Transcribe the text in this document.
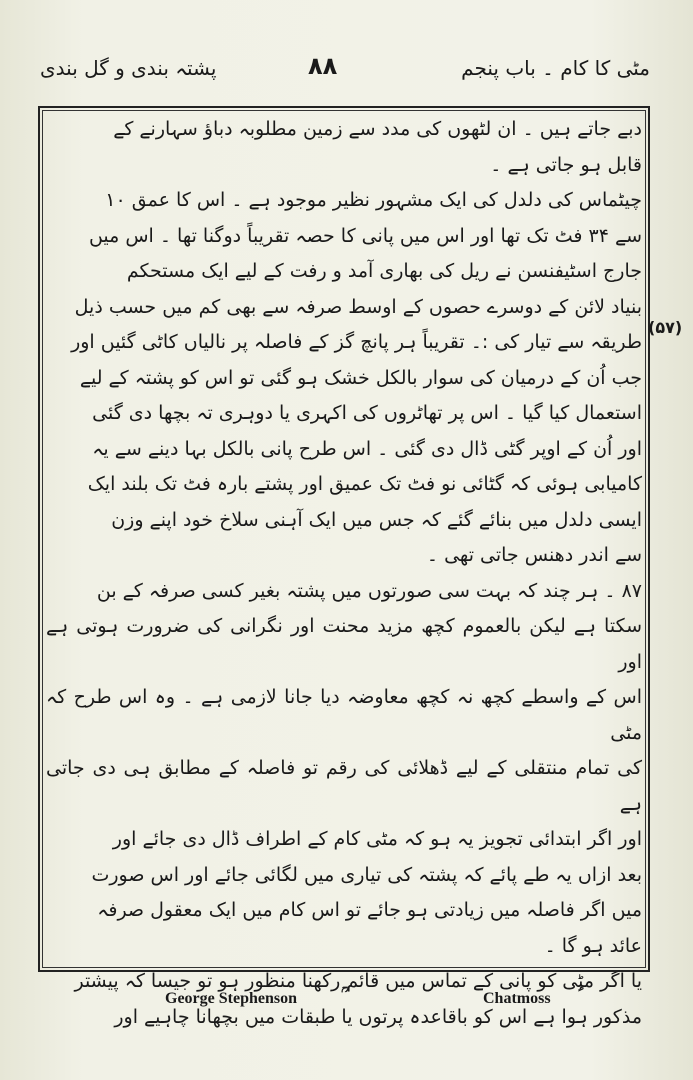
مٹی کا کام ۔ باب پنجم
۸۸
پشتہ بندی و گل بندی

دبے جاتے ہیں ۔ ان لٹھوں کی مدد سے زمین مطلوبہ دباؤ سہارنے کے

قابل ہو جاتی ہے ۔

چیٹماس کی دلدل کی ایک مشہور نظیر موجود ہے ۔ اس کا عمق ۱۰

سے ۳۴ فٹ تک تھا اور اس میں پانی کا حصہ تقریباً دوگنا تھا ۔ اس میں

جارج اسٹیفنسن نے ریل کی بھاری آمد و رفت کے لیے ایک مستحکم

بنیاد لائن کے دوسرے حصوں کے اوسط صرفہ سے بھی کم میں حسب ذیل

طریقہ سے تیار کی :۔ تقریباً ہر پانچ گز کے فاصلہ پر نالیاں کاٹی گئیں اور

جب اُن کے درمیان کی سوار بالکل خشک ہو گئی تو اس کو پشتہ کے لیے

استعمال کیا گیا ۔ اس پر تھاٹروں کی اکہری یا دوہری تہ بچھا دی گئی

اور اُن کے اوپر گٹی ڈال دی گئی ۔ اس طرح پانی بالکل بہا دینے سے یہ

کامیابی ہوئی کہ گٹائی نو فٹ تک عمیق اور پشتے بارہ فٹ تک بلند ایک

ایسی دلدل میں بنائے گئے کہ جس میں ایک آہنی سلاخ خود اپنے وزن

سے اندر دھنس جاتی تھی ۔

۸۷ ۔ ہر چند کہ بہت سی صورتوں میں پشتہ بغیر کسی صرفہ کے بن

سکتا ہے لیکن بالعموم کچھ مزید محنت اور نگرانی کی ضرورت ہوتی ہے اور

اس کے واسطے کچھ نہ کچھ معاوضہ دیا جانا لازمی ہے ۔ وہ اس طرح کہ مٹی

کی تمام منتقلی کے لیے ڈھلائی کی رقم تو فاصلہ کے مطابق ہی دی جاتی ہے

اور اگر ابتدائی تجویز یہ ہو کہ مٹی کام کے اطراف ڈال دی جائے اور

بعد ازاں یہ طے پائے کہ پشتہ کی تیاری میں لگائی جائے اور اس صورت

میں اگر فاصلہ میں زیادتی ہو جائے تو اس کام میں ایک معقول صرفہ

عائد ہو گا ۔

یا اگر مٹی کو پانی کے تماس میں قائم رکھنا منظور ہو تو جیسا کہ پیشتر

مذکور ہوا ہے اس کو باقاعدہ پرتوں یا طبقات میں بچھانا چاہیے اور

(۵۷)
George Stephenson	Chatmoss
